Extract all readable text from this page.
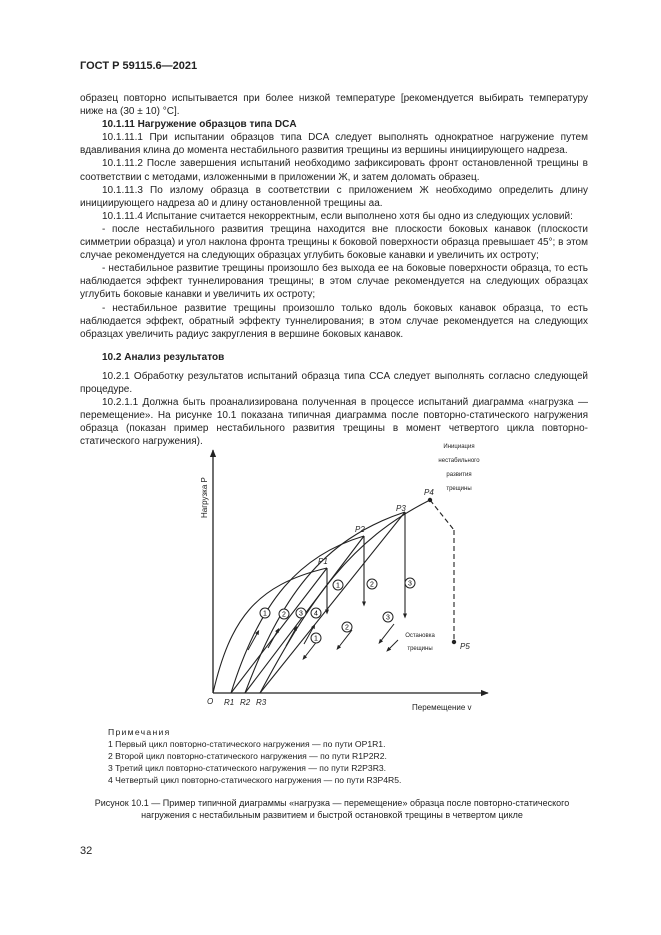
ГОСТ Р 59115.6—2021

образец повторно испытывается при более низкой температуре [рекомендуется выбирать температуру ниже на (30 ± 10) °C].

10.1.11 Нагружение образцов типа DCA

10.1.11.1 При испытании образцов типа DCA следует выполнять однократное нагружение путем вдавливания клина до момента нестабильного развития трещины из вершины инициирующего надреза.

10.1.11.2 После завершения испытаний необходимо зафиксировать фронт остановленной трещины в соответствии с методами, изложенными в приложении Ж, и затем доломать образец.

10.1.11.3 По излому образца в соответствии с приложением Ж необходимо определить длину инициирующего надреза a0 и длину остановленной трещины aa.

10.1.11.4 Испытание считается некорректным, если выполнено хотя бы одно из следующих условий:

- после нестабильного развития трещина находится вне плоскости боковых канавок (плоскости симметрии образца) и угол наклона фронта трещины к боковой поверхности образца превышает 45°; в этом случае рекомендуется на следующих образцах углубить боковые канавки и увеличить их остроту;

- нестабильное развитие трещины произошло без выхода ее на боковые поверхности образца, то есть наблюдается эффект туннелирования трещины; в этом случае рекомендуется на следующих образцах углубить боковые канавки и увеличить их остроту;

- нестабильное развитие трещины произошло только вдоль боковых канавок образца, то есть наблюдается эффект, обратный эффекту туннелирования; в этом случае рекомендуется на следующих образцах увеличить радиус закругления в вершине боковых канавок.

10.2 Анализ результатов

10.2.1 Обработку результатов испытаний образца типа CCA следует выполнять согласно следующей процедуре.

10.2.1.1 Должна быть проанализирована полученная в процессе испытаний диаграмма «нагрузка — перемещение». На рисунке 10.1 показана типичная диаграмма после повторно-статического нагружения образца (показан пример нестабильного развития трещины в момент четвертого цикла повторно-статического нагружения).

1 2 3 4
1	2	3
1
2
3
Нагрузка P
Перемещение v
O R1 R2 R3
P1
P2
P3
P4
P5
Инициация
нестабильного
развития
трещины
Остановка
трещины
Примечания
1 Первый цикл повторно-статического нагружения — по пути OP1R1.
2 Второй цикл повторно-статического нагружения — по пути R1P2R2.
3 Третий цикл повторно-статического нагружения — по пути R2P3R3.
4 Четвертый цикл повторно-статического нагружения — по пути R3P4R5.
Рисунок 10.1 — Пример типичной диаграммы «нагрузка — перемещение» образца после повторно-статического нагружения с нестабильным развитием и быстрой остановкой трещины в четвертом цикле
32
